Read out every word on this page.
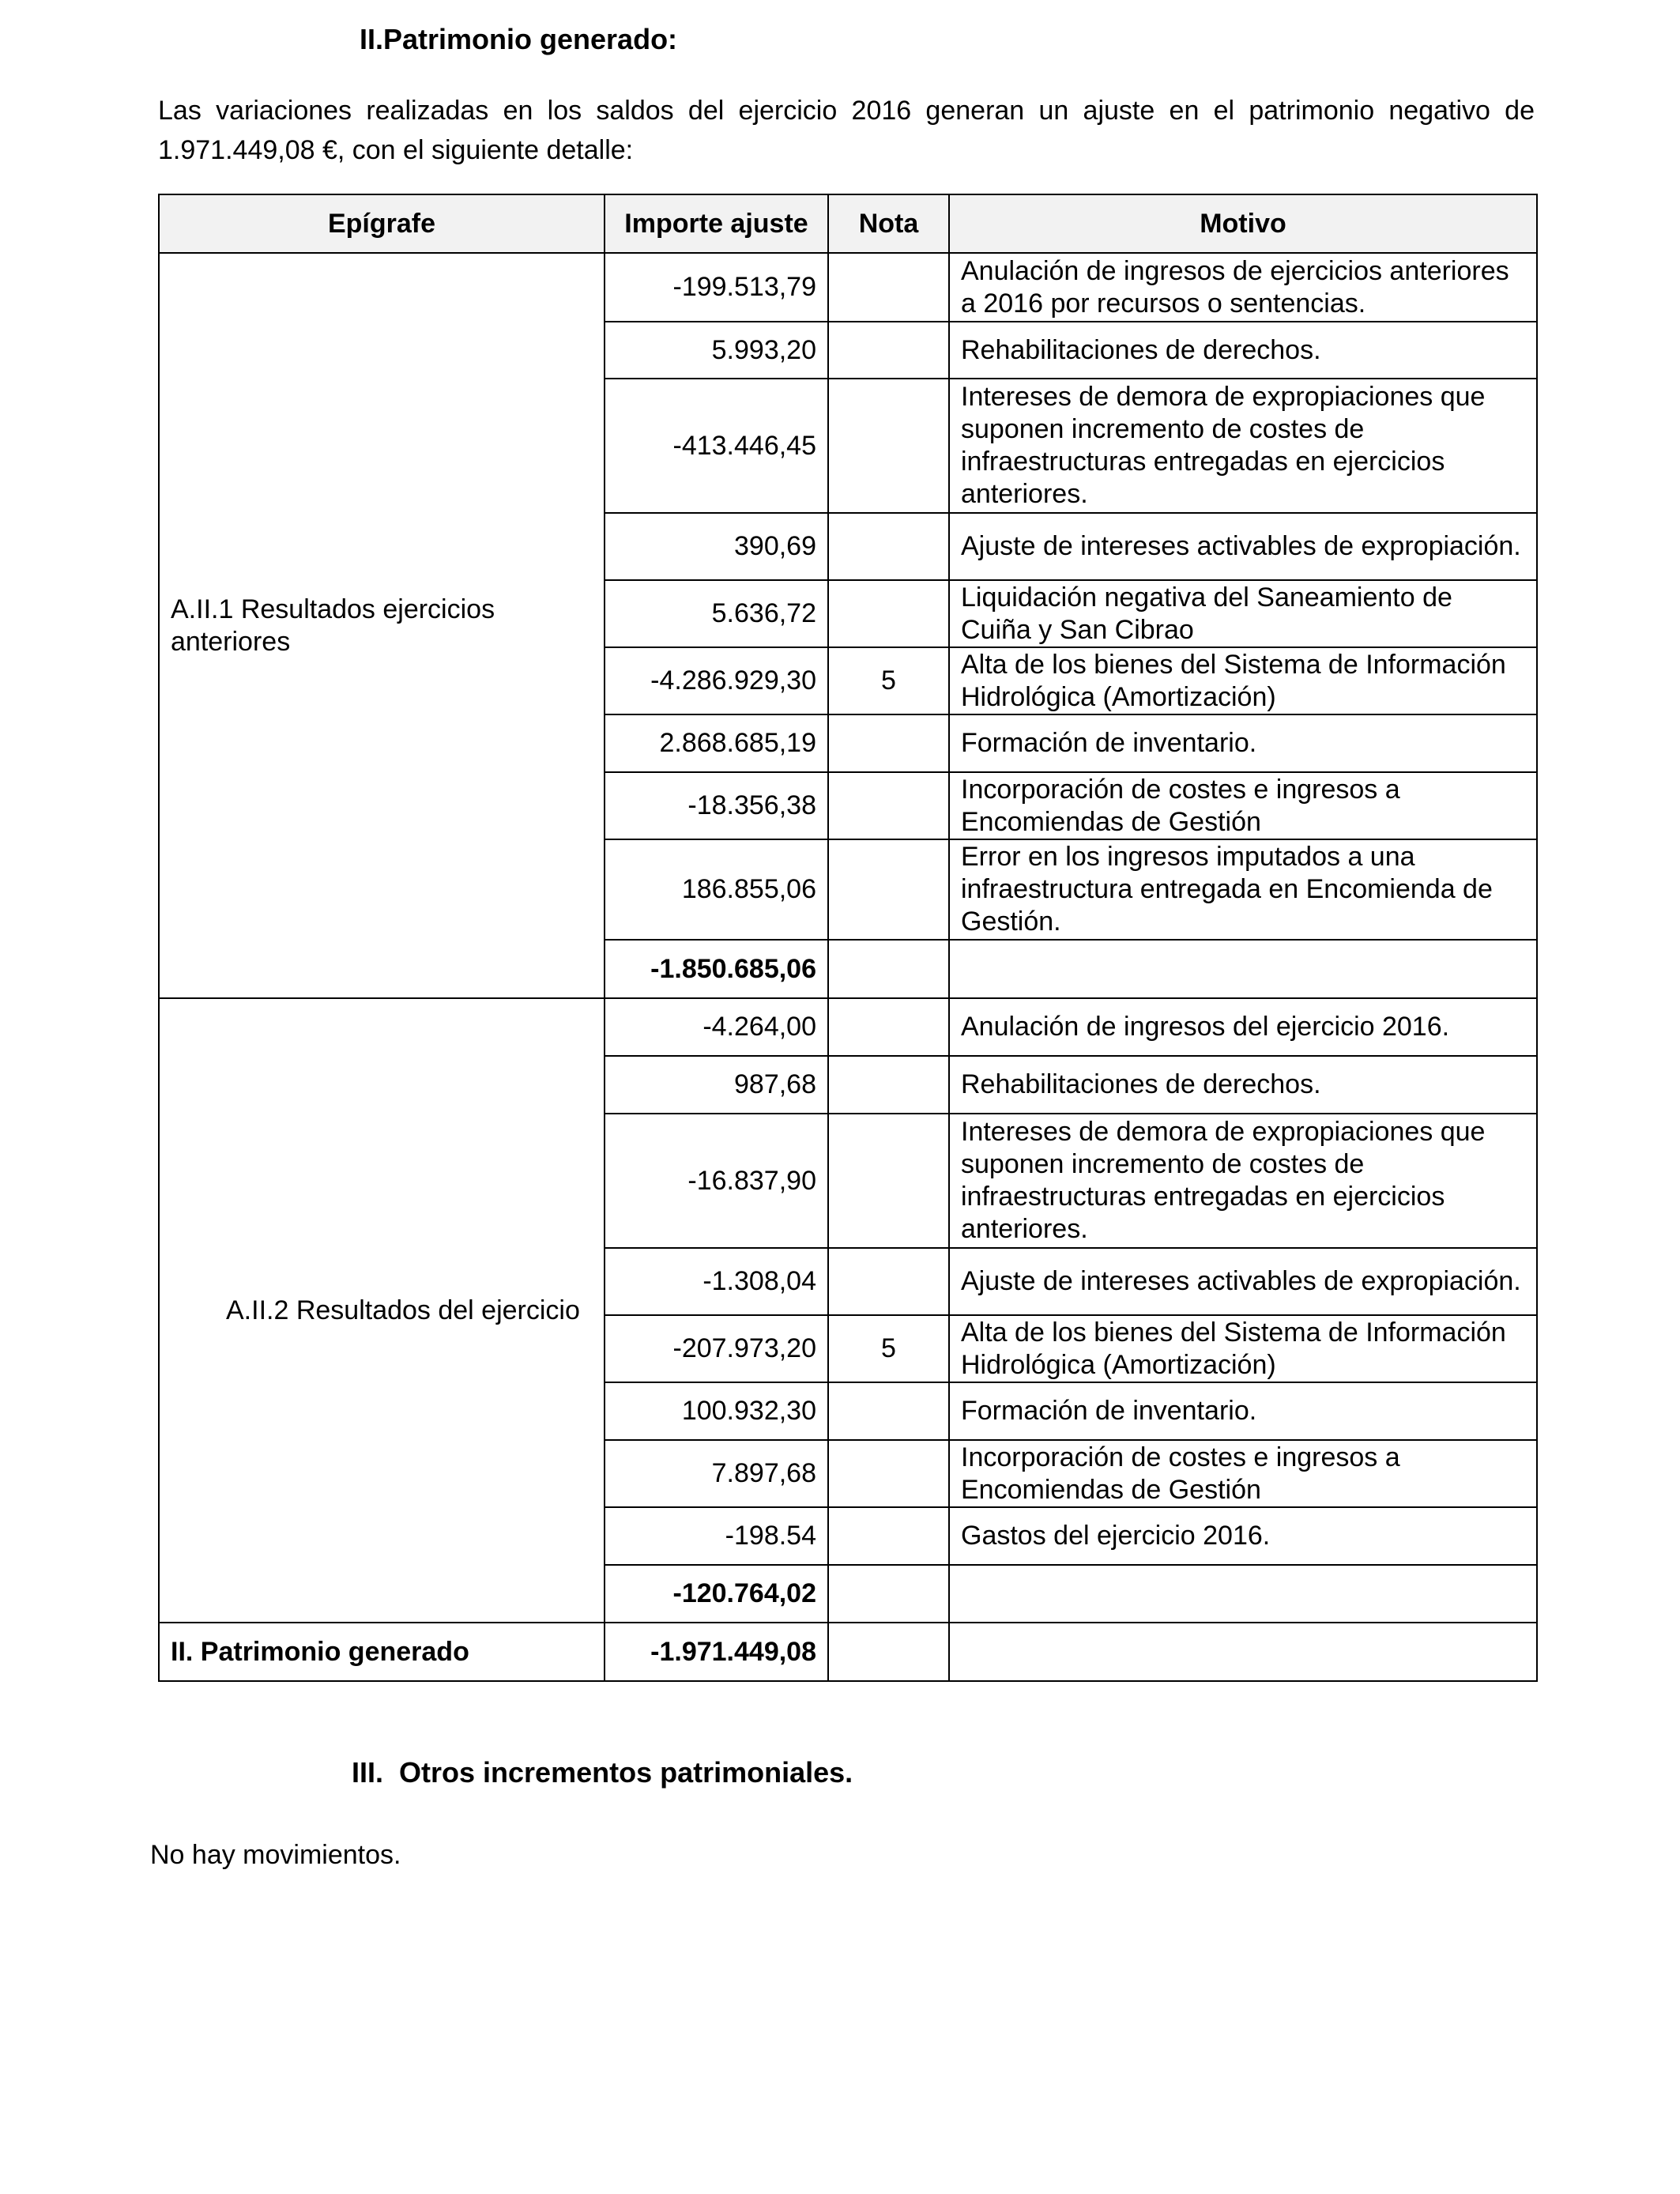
II.Patrimonio generado:
Las variaciones realizadas en los saldos del ejercicio 2016 generan un ajuste en el patrimonio negativo de 1.971.449,08 €, con el siguiente detalle:
Epígrafe	Importe ajuste	Nota	Motivo
A.II.1 Resultados ejercicios anteriores	-199.513,79		Anulación de ingresos de ejercicios anteriores a 2016 por recursos o sentencias.
	5.993,20		Rehabilitaciones de derechos.
	-413.446,45		Intereses de demora de expropiaciones que suponen incremento de costes de infraestructuras entregadas en ejercicios anteriores.
	390,69		Ajuste de intereses activables de expropiación.
	5.636,72		Liquidación negativa del Saneamiento de Cuiña y San Cibrao
	-4.286.929,30	5	Alta de los bienes del Sistema de Información Hidrológica (Amortización)
	2.868.685,19		Formación de inventario.
	-18.356,38		Incorporación de costes e ingresos a Encomiendas de Gestión
	186.855,06		Error en los ingresos imputados a una infraestructura entregada en Encomienda de Gestión.
	-1.850.685,06		
A.II.2 Resultados del ejercicio	-4.264,00		Anulación de ingresos del ejercicio 2016.
	987,68		Rehabilitaciones de derechos.
	-16.837,90		Intereses de demora de expropiaciones que suponen incremento de costes de infraestructuras entregadas en ejercicios anteriores.
	-1.308,04		Ajuste de intereses activables de expropiación.
	-207.973,20	5	Alta de los bienes del Sistema de Información Hidrológica (Amortización)
	100.932,30		Formación de inventario.
	7.897,68		Incorporación de costes e ingresos a Encomiendas de Gestión
	-198.54		Gastos del ejercicio 2016.
	-120.764,02		
II. Patrimonio generado	-1.971.449,08		
III.  Otros incrementos patrimoniales.
No hay movimientos.
